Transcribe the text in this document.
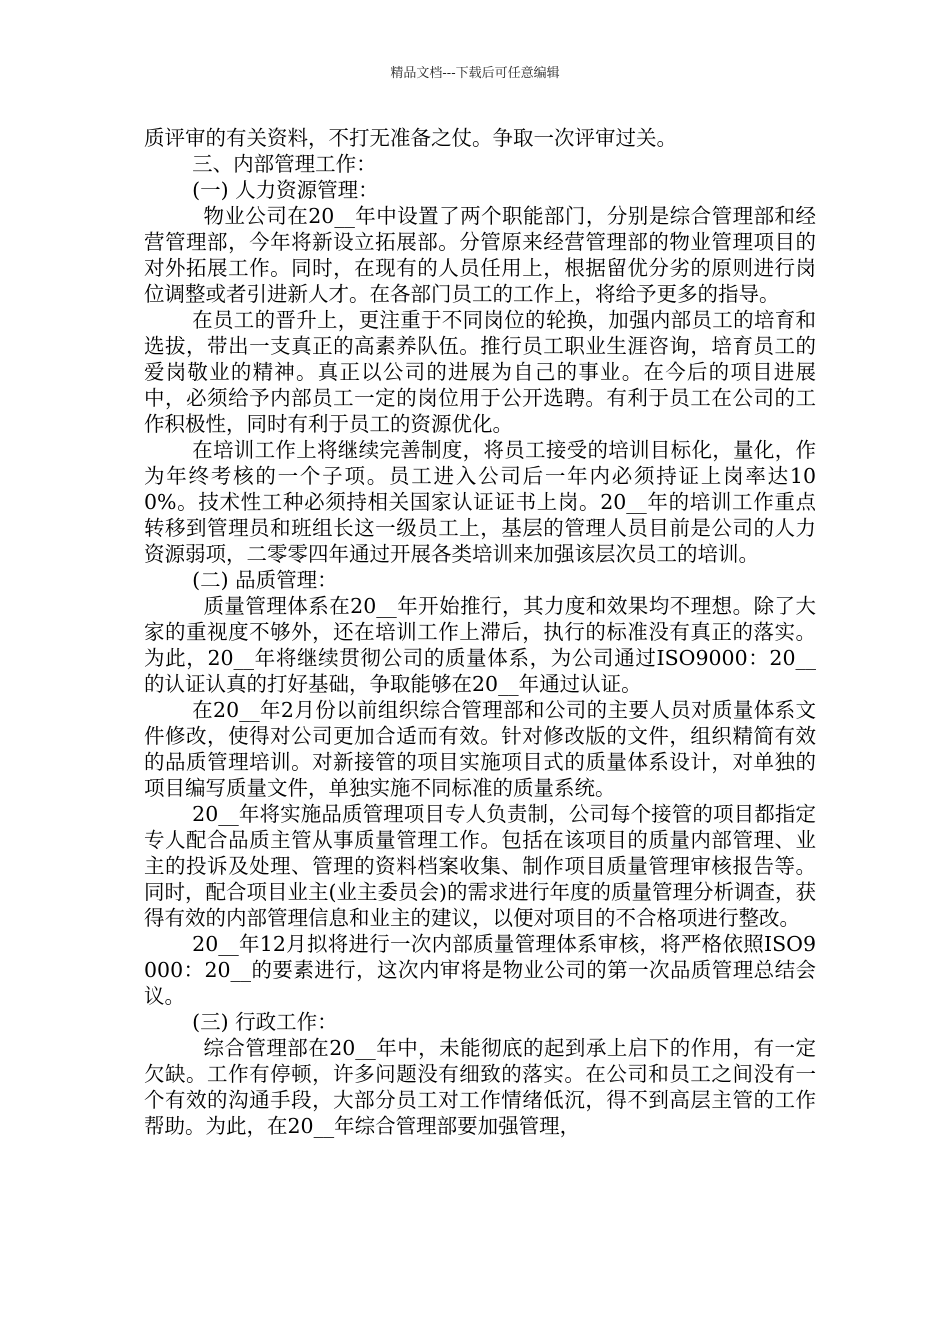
精品文档---下载后可任意编辑

质评审的有关资料，不打无准备之仗。争取一次评审过关。

三、内部管理工作：

(一) 人力资源管理：

物业公司在20__年中设置了两个职能部门，分别是综合管理部和经营管理部，今年将新设立拓展部。分管原来经营管理部的物业管理项目的对外拓展工作。同时，在现有的人员任用上，根据留优分劣的原则进行岗位调整或者引进新人才。在各部门员工的工作上，将给予更多的指导。

在员工的晋升上，更注重于不同岗位的轮换，加强内部员工的培育和选拔，带出一支真正的高素养队伍。推行员工职业生涯咨询，培育员工的爱岗敬业的精神。真正以公司的进展为自己的事业。在今后的项目进展中，必须给予内部员工一定的岗位用于公开选聘。有利于员工在公司的工作积极性，同时有利于员工的资源优化。

在培训工作上将继续完善制度，将员工接受的培训目标化，量化，作为年终考核的一个子项。员工进入公司后一年内必须持证上岗率达100%。技术性工种必须持相关国家认证证书上岗。20__年的培训工作重点转移到管理员和班组长这一级员工上，基层的管理人员目前是公司的人力资源弱项，二零零四年通过开展各类培训来加强该层次员工的培训。

(二) 品质管理：

质量管理体系在20__年开始推行，其力度和效果均不理想。除了大家的重视度不够外，还在培训工作上滞后，执行的标准没有真正的落实。为此，20__年将继续贯彻公司的质量体系，为公司通过ISO9000：20__的认证认真的打好基础，争取能够在20__年通过认证。

在20__年2月份以前组织综合管理部和公司的主要人员对质量体系文件修改，使得对公司更加合适而有效。针对修改版的文件，组织精简有效的品质管理培训。对新接管的项目实施项目式的质量体系设计，对单独的项目编写质量文件，单独实施不同标准的质量系统。

20__年将实施品质管理项目专人负责制，公司每个接管的项目都指定专人配合品质主管从事质量管理工作。包括在该项目的质量内部管理、业主的投诉及处理、管理的资料档案收集、制作项目质量管理审核报告等。同时，配合项目业主(业主委员会)的需求进行年度的质量管理分析调查，获得有效的内部管理信息和业主的建议，以便对项目的不合格项进行整改。

20__年12月拟将进行一次内部质量管理体系审核，将严格依照ISO9000：20__的要素进行，这次内审将是物业公司的第一次品质管理总结会议。

(三) 行政工作：

综合管理部在20__年中，未能彻底的起到承上启下的作用，有一定欠缺。工作有停顿，许多问题没有细致的落实。在公司和员工之间没有一个有效的沟通手段，大部分员工对工作情绪低沉，得不到高层主管的工作帮助。为此，在20__年综合管理部要加强管理，
